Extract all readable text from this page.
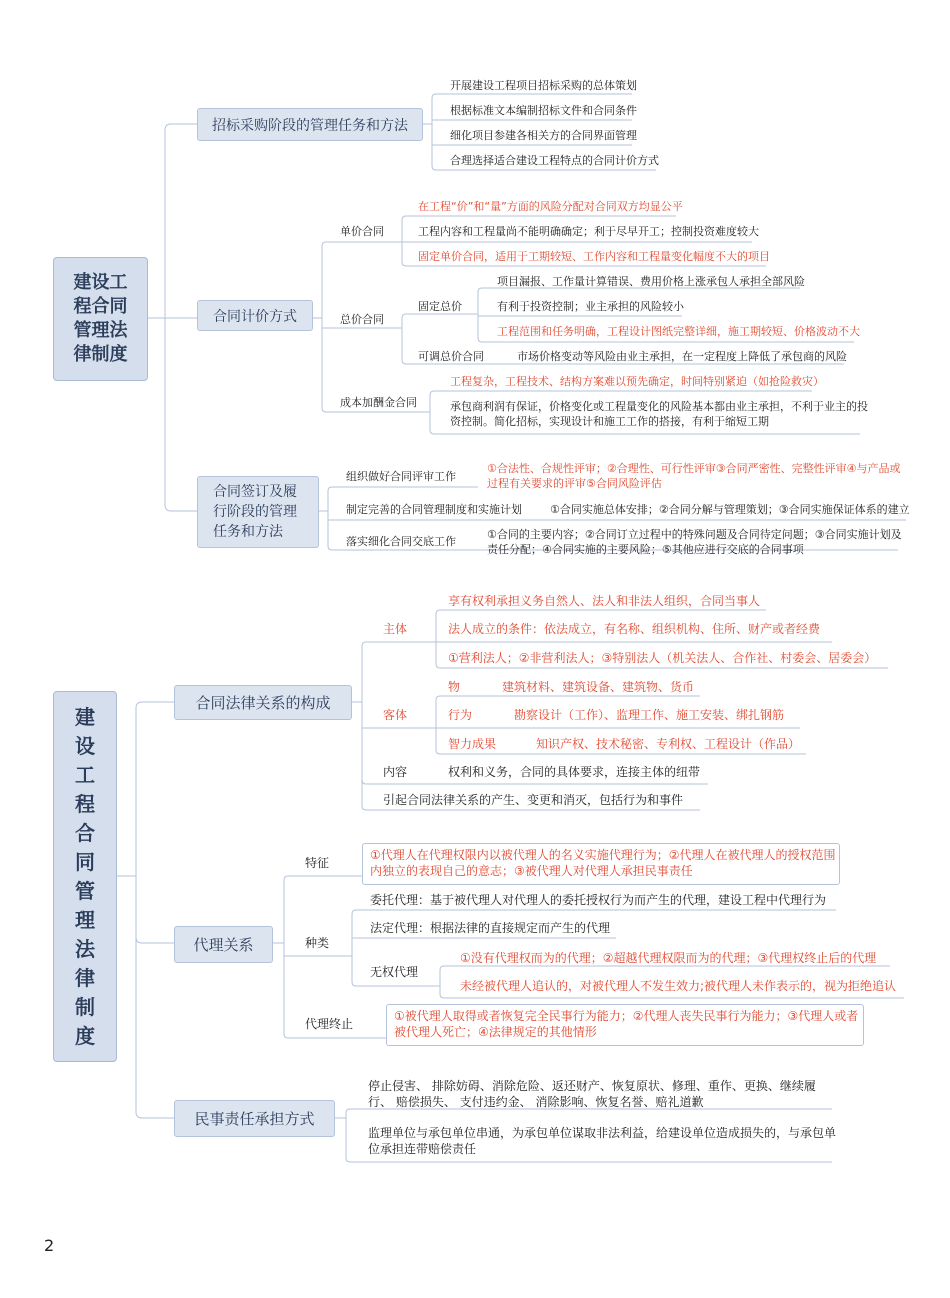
建设工程合同管理法律制度
招标采购阶段的管理任务和方法
开展建设工程项目招标采购的总体策划
根据标准文本编制招标文件和合同条件
细化项目参建各相关方的合同界面管理
合理选择适合建设工程特点的合同计价方式
合同计价方式
单价合同
在工程“价”和“量”方面的风险分配对合同双方均显公平
工程内容和工程量尚不能明确确定；利于尽早开工；控制投资难度较大
固定单价合同，适用于工期较短、工作内容和工程量变化幅度不大的项目
总价合同
固定总价
项目漏报、工作量计算错误、费用价格上涨承包人承担全部风险
有利于投资控制；业主承担的风险较小
工程范围和任务明确，工程设计图纸完整详细，施工期较短、价格波动不大
可调总价合同	市场价格变动等风险由业主承担，在一定程度上降低了承包商的风险
成本加酬金合同
工程复杂，工程技术、结构方案难以预先确定，时间特别紧迫（如抢险救灾）
承包商利润有保证，价格变化或工程量变化的风险基本都由业主承担，不利于业主的投资控制。简化招标，实现设计和施工工作的搭接，有利于缩短工期
合同签订及履行阶段的管理任务和方法
组织做好合同评审工作
①合法性、合规性评审；②合理性、可行性评审③合同严密性、完整性评审④与产品或过程有关要求的评审⑤合同风险评估
制定完善的合同管理制度和实施计划	①合同实施总体安排；②合同分解与管理策划；③合同实施保证体系的建立
落实细化合同交底工作
①合同的主要内容；②合同订立过程中的特殊问题及合同待定问题；③合同实施计划及责任分配；④合同实施的主要风险；⑤其他应进行交底的合同事项
建
设
工
程
合
同
管
理
法
律
制
度
合同法律关系的构成
主体
享有权利承担义务自然人、法人和非法人组织，合同当事人
法人成立的条件：依法成立，有名称、组织机构、住所、财产或者经费
①营利法人；②非营利法人；③特别法人（机关法人、合作社、村委会、居委会）
客体
物	建筑材料、建筑设备、建筑物、货币
行为	勘察设计（工作）、监理工作、施工安装、绑扎钢筋
智力成果	知识产权、技术秘密、专利权、工程设计（作品）
内容	权利和义务，合同的具体要求，连接主体的纽带
引起合同法律关系的产生、变更和消灭，包括行为和事件
代理关系
特征
①代理人在代理权限内以被代理人的名义实施代理行为；②代理人在被代理人的授权范围内独立的表现自己的意志；③被代理人对代理人承担民事责任
种类
委托代理：基于被代理人对代理人的委托授权行为而产生的代理，建设工程中代理行为
法定代理：根据法律的直接规定而产生的代理
无权代理
①没有代理权而为的代理；②超越代理权限而为的代理；③代理权终止后的代理
未经被代理人追认的，对被代理人不发生效力;被代理人未作表示的，视为拒绝追认
代理终止
①被代理人取得或者恢复完全民事行为能力；②代理人丧失民事行为能力；③代理人或者被代理人死亡；④法律规定的其他情形
民事责任承担方式
停止侵害、 排除妨碍、消除危险、返还财产、恢复原状、修理、重作、更换、继续履行、 赔偿损失、 支付违约金、 消除影响、恢复名誉、赔礼道歉
监理单位与承包单位串通，为承包单位谋取非法利益，给建设单位造成损失的，与承包单位承担连带赔偿责任
2
